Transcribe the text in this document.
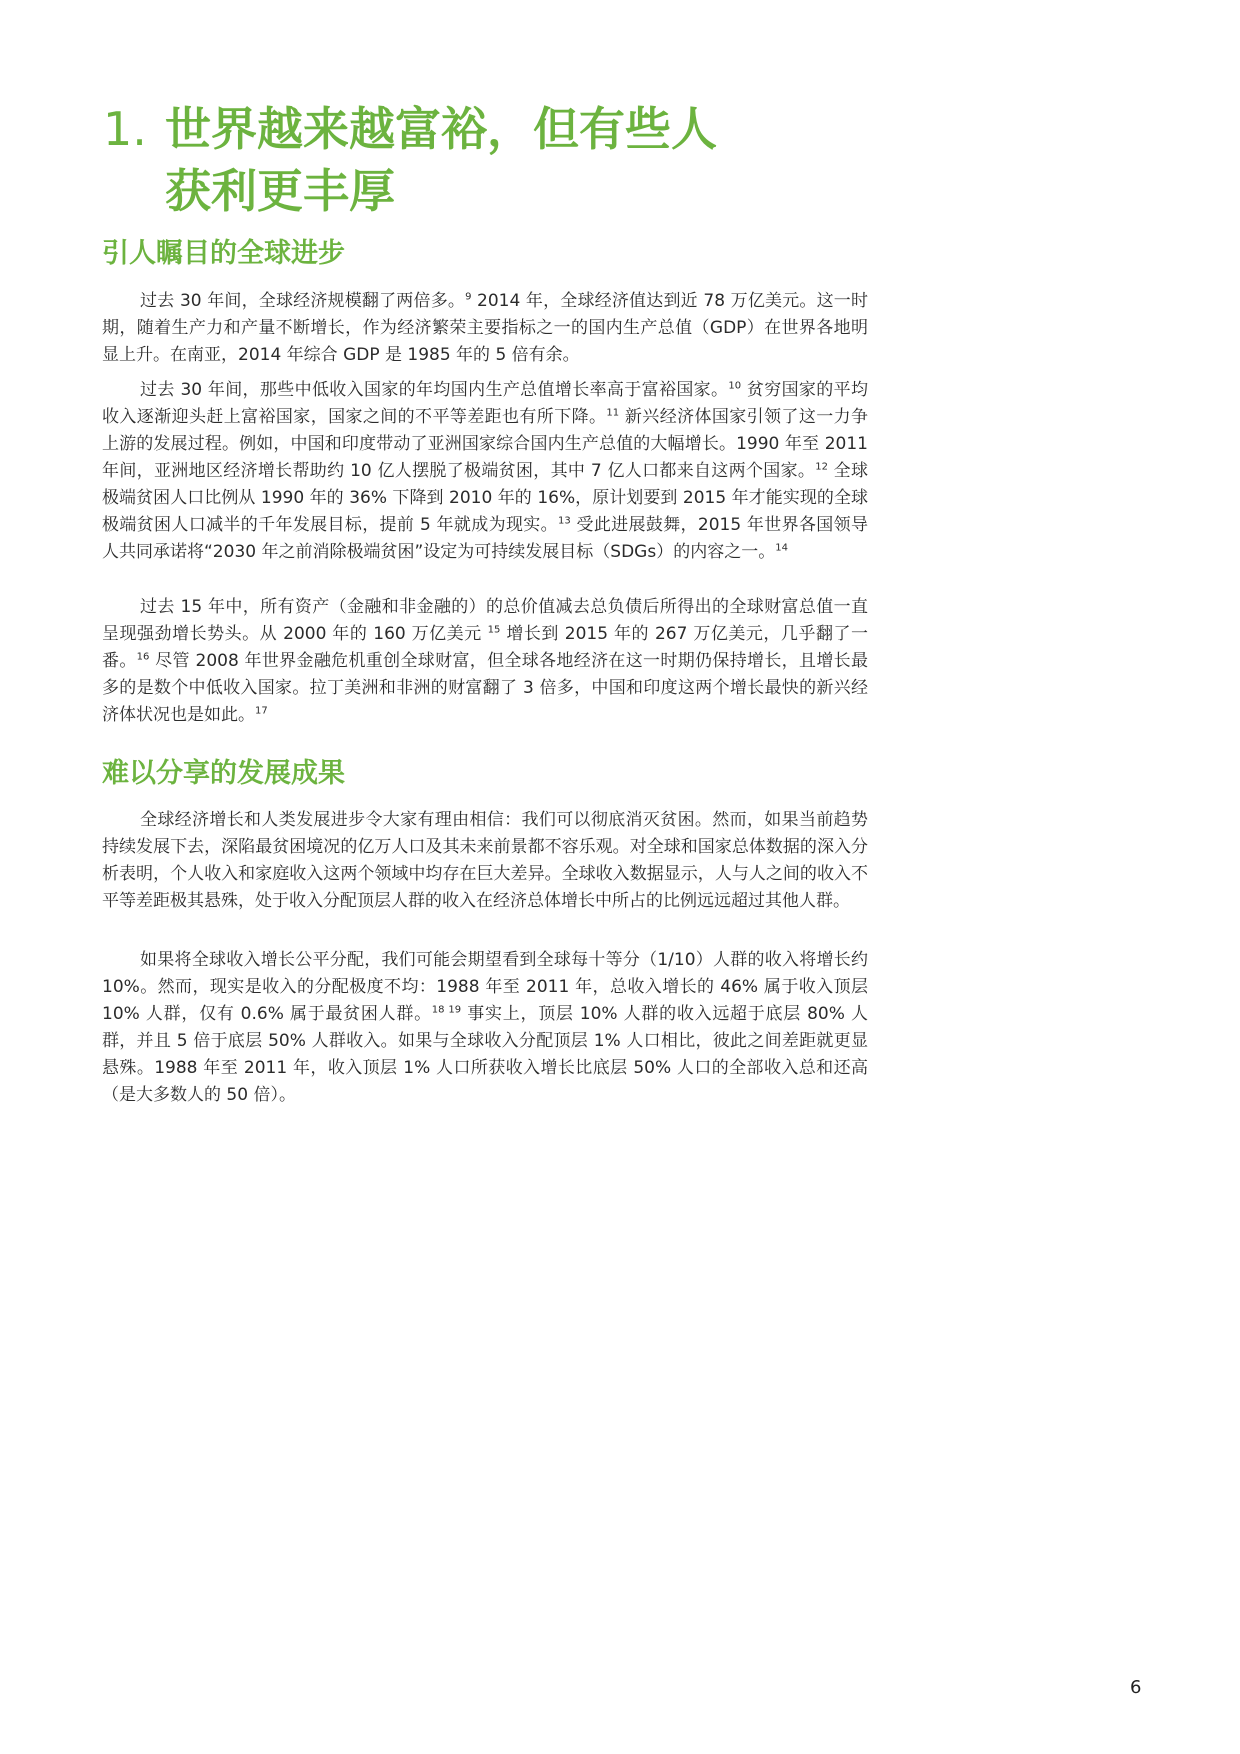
1. 世界越来越富裕，但有些人
获利更丰厚
引人瞩目的全球进步

过去 30 年间，全球经济规模翻了两倍多。$^9$ 2014 年，全球经济值达到近 78 万亿美元。这一时期，随着生产力和产量不断增长，作为经济繁荣主要指标之一的国内生产总值（GDP）在世界各地明显上升。在南亚，2014 年综合 GDP 是 1985 年的 5 倍有余。

过去 30 年间，那些中低收入国家的年均国内生产总值增长率高于富裕国家。$^{10}$ 贫穷国家的平均收入逐渐迎头赶上富裕国家，国家之间的不平等差距也有所下降。$^{11}$ 新兴经济体国家引领了这一力争上游的发展过程。例如，中国和印度带动了亚洲国家综合国内生产总值的大幅增长。1990 年至 2011 年间，亚洲地区经济增长帮助约 10 亿人摆脱了极端贫困，其中 7 亿人口都来自这两个国家。$^{12}$ 全球极端贫困人口比例从 1990 年的 36% 下降到 2010 年的 16%，原计划要到 2015 年才能实现的全球极端贫困人口减半的千年发展目标，提前 5 年就成为现实。$^{13}$ 受此进展鼓舞，2015 年世界各国领导人共同承诺将“2030 年之前消除极端贫困”设定为可持续发展目标（SDGs）的内容之一。$^{14}$

过去 15 年中，所有资产（金融和非金融的）的总价值减去总负债后所得出的全球财富总值一直呈现强劲增长势头。从 2000 年的 160 万亿美元 $^{15}$ 增长到 2015 年的 267 万亿美元，几乎翻了一番。$^{16}$ 尽管 2008 年世界金融危机重创全球财富，但全球各地经济在这一时期仍保持增长，且增长最多的是数个中低收入国家。拉丁美洲和非洲的财富翻了 3 倍多，中国和印度这两个增长最快的新兴经济体状况也是如此。$^{17}$

难以分享的发展成果

全球经济增长和人类发展进步令大家有理由相信：我们可以彻底消灭贫困。然而，如果当前趋势持续发展下去，深陷最贫困境况的亿万人口及其未来前景都不容乐观。对全球和国家总体数据的深入分析表明，个人收入和家庭收入这两个领域中均存在巨大差异。全球收入数据显示，人与人之间的收入不平等差距极其悬殊，处于收入分配顶层人群的收入在经济总体增长中所占的比例远远超过其他人群。

如果将全球收入增长公平分配，我们可能会期望看到全球每十等分（1/10）人群的收入将增长约 10%。然而，现实是收入的分配极度不均：1988 年至 2011 年，总收入增长的 46% 属于收入顶层 10% 人群，仅有 0.6% 属于最贫困人群。$^{18 19}$ 事实上，顶层 10% 人群的收入远超于底层 80% 人群，并且 5 倍于底层 50% 人群收入。如果与全球收入分配顶层 1% 人口相比，彼此之间差距就更显悬殊。1988 年至 2011 年，收入顶层 1% 人口所获收入增长比底层 50% 人口的全部收入总和还高（是大多数人的 50 倍）。

6
